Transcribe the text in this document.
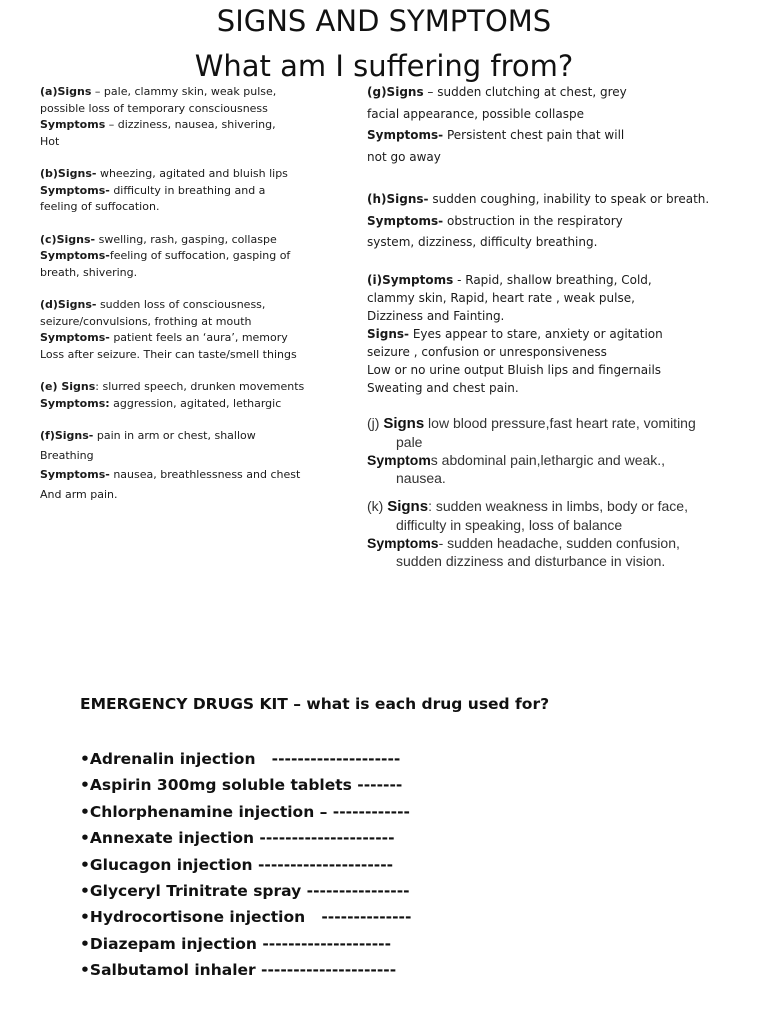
SIGNS AND SYMPTOMS
What am I suffering from?

(a)Signs – pale, clammy skin, weak pulse,
possible loss of temporary consciousness
Symptoms – dizziness, nausea, shivering,
Hot

(b)Signs- wheezing, agitated and bluish lips
Symptoms- difficulty in breathing and a
feeling of suffocation.

(c)Signs- swelling, rash, gasping, collaspe
Symptoms-feeling of suffocation, gasping of
breath, shivering.

(d)Signs- sudden loss of consciousness,
seizure/convulsions, frothing at mouth
Symptoms- patient feels an ‘aura’, memory
Loss after seizure. Their can taste/smell things

(e) Signs: slurred speech, drunken movements
Symptoms: aggression, agitated, lethargic

(f)Signs- pain in arm or chest, shallow
Breathing
Symptoms- nausea, breathlessness and chest
And arm pain.

(g)Signs – sudden clutching at chest, grey
facial appearance, possible collaspe
Symptoms- Persistent chest pain that will
not go away

(h)Signs- sudden coughing, inability to speak or breath.
Symptoms- obstruction in the respiratory
system, dizziness, difficulty breathing.

(i)Symptoms - Rapid, shallow breathing, Cold,
clammy skin, Rapid, heart rate , weak pulse,
Dizziness and Fainting.
Signs- Eyes appear to stare, anxiety or agitation
seizure , confusion or unresponsiveness
Low or no urine output Bluish lips and fingernails
Sweating and chest pain.

(j) Signs low blood pressure,fast heart rate, vomiting
pale
Symptoms abdominal pain,lethargic and weak.,
nausea.

(k) Signs: sudden weakness in limbs, body or face,
difficulty in speaking, loss of balance
Symptoms- sudden headache, sudden confusion,
sudden dizziness and disturbance in vision.

EMERGENCY DRUGS KIT – what is each drug used for?
•Adrenalin injection   --------------------
•Aspirin 300mg soluble tablets -------
•Chlorphenamine injection – ------------
•Annexate injection ---------------------
•Glucagon injection ---------------------
•Glyceryl Trinitrate spray ----------------
•Hydrocortisone injection   --------------
•Diazepam injection --------------------
•Salbutamol inhaler ---------------------
